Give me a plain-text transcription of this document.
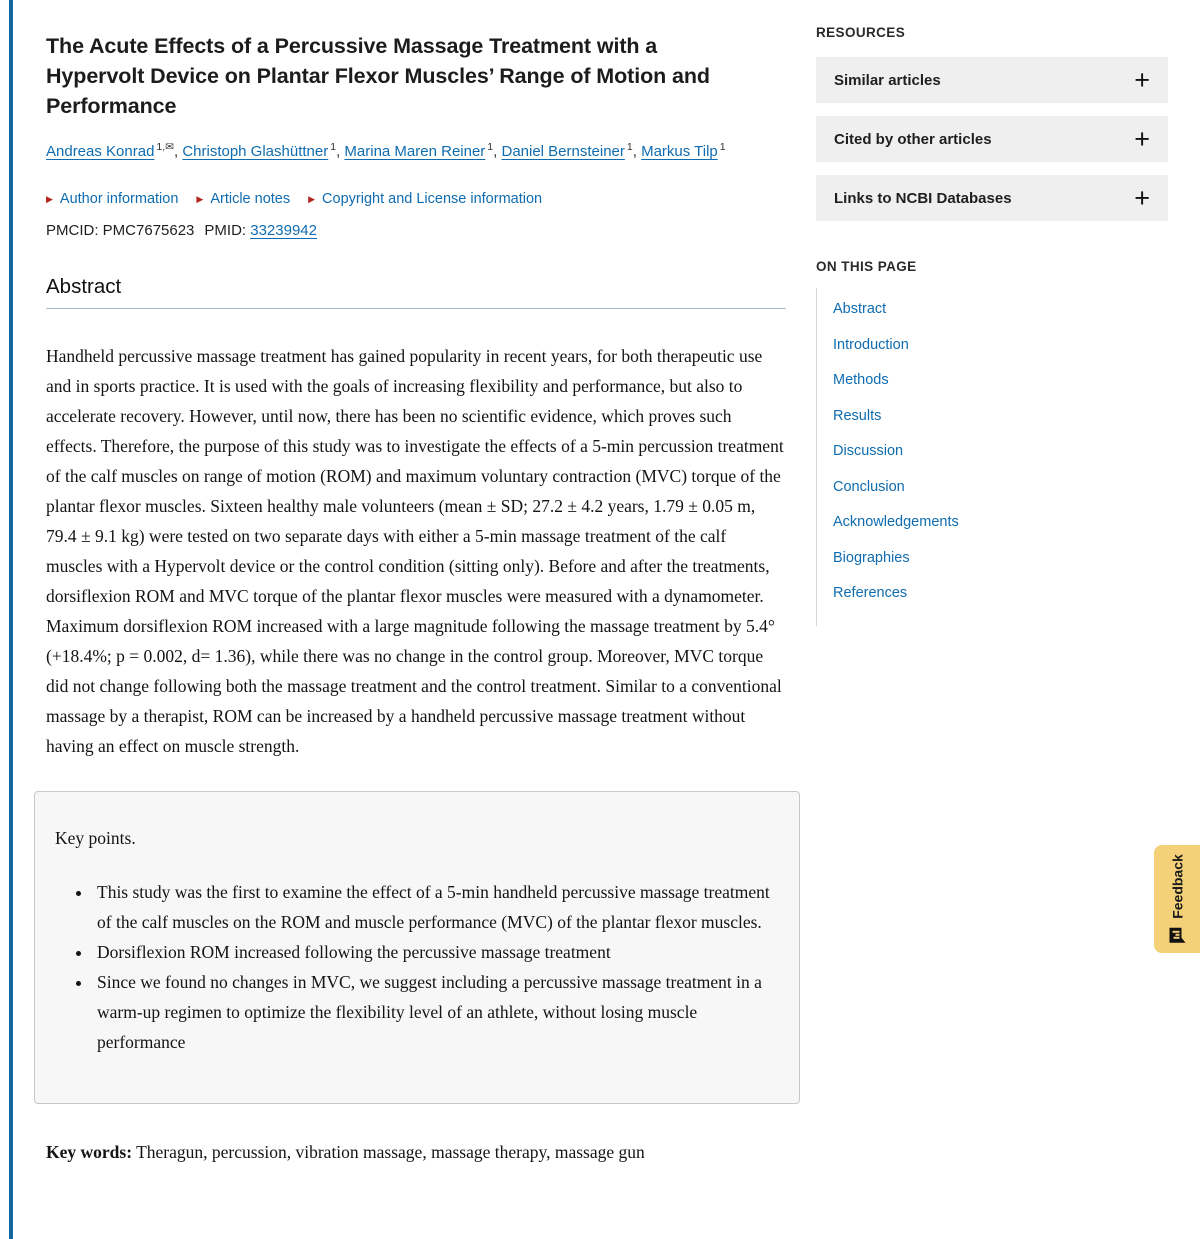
The Acute Effects of a Percussive Massage Treatment with a Hypervolt Device on Plantar Flexor Muscles’ Range of Motion and Performance
Andreas Konrad $^{1,✉}$, Christoph Glashüttner $^1$, Marina Maren Reiner $^1$, Daniel Bernsteiner $^1$, Markus Tilp $^1$
▶ Author information ▶ Article notes ▶ Copyright and License information
PMCID: PMC7675623 PMID: 33239942
Abstract

Handheld percussive massage treatment has gained popularity in recent years, for both therapeutic use and in sports practice. It is used with the goals of increasing flexibility and performance, but also to accelerate recovery. However, until now, there has been no scientific evidence, which proves such effects. Therefore, the purpose of this study was to investigate the effects of a 5-min percussion treatment of the calf muscles on range of motion (ROM) and maximum voluntary contraction (MVC) torque of the plantar flexor muscles. Sixteen healthy male volunteers (mean ± SD; 27.2 ± 4.2 years, 1.79 ± 0.05 m, 79.4 ± 9.1 kg) were tested on two separate days with either a 5-min massage treatment of the calf muscles with a Hypervolt device or the control condition (sitting only). Before and after the treatments, dorsiflexion ROM and MVC torque of the plantar flexor muscles were measured with a dynamometer. Maximum dorsiflexion ROM increased with a large magnitude following the massage treatment by 5.4° (+18.4%; p = 0.002, d= 1.36), while there was no change in the control group. Moreover, MVC torque did not change following both the massage treatment and the control treatment. Similar to a conventional massage by a therapist, ROM can be increased by a handheld percussive massage treatment without having an effect on muscle strength.

Key points.

• This study was the first to examine the effect of a 5-min handheld percussive massage treatment of the calf muscles on the ROM and muscle performance (MVC) of the plantar flexor muscles.
• Dorsiflexion ROM increased following the percussive massage treatment
• Since we found no changes in MVC, we suggest including a percussive massage treatment in a warm-up regimen to optimize the flexibility level of an athlete, without losing muscle performance

Key words: Theragun, percussion, vibration massage, massage therapy, massage gun

RESOURCES
Similar articles	+
Cited by other articles	+
Links to NCBI Databases	+
ON THIS PAGE
Abstract
Introduction
Methods
Results
Discussion
Conclusion
Acknowledgements
Biographies
References
Feedback
